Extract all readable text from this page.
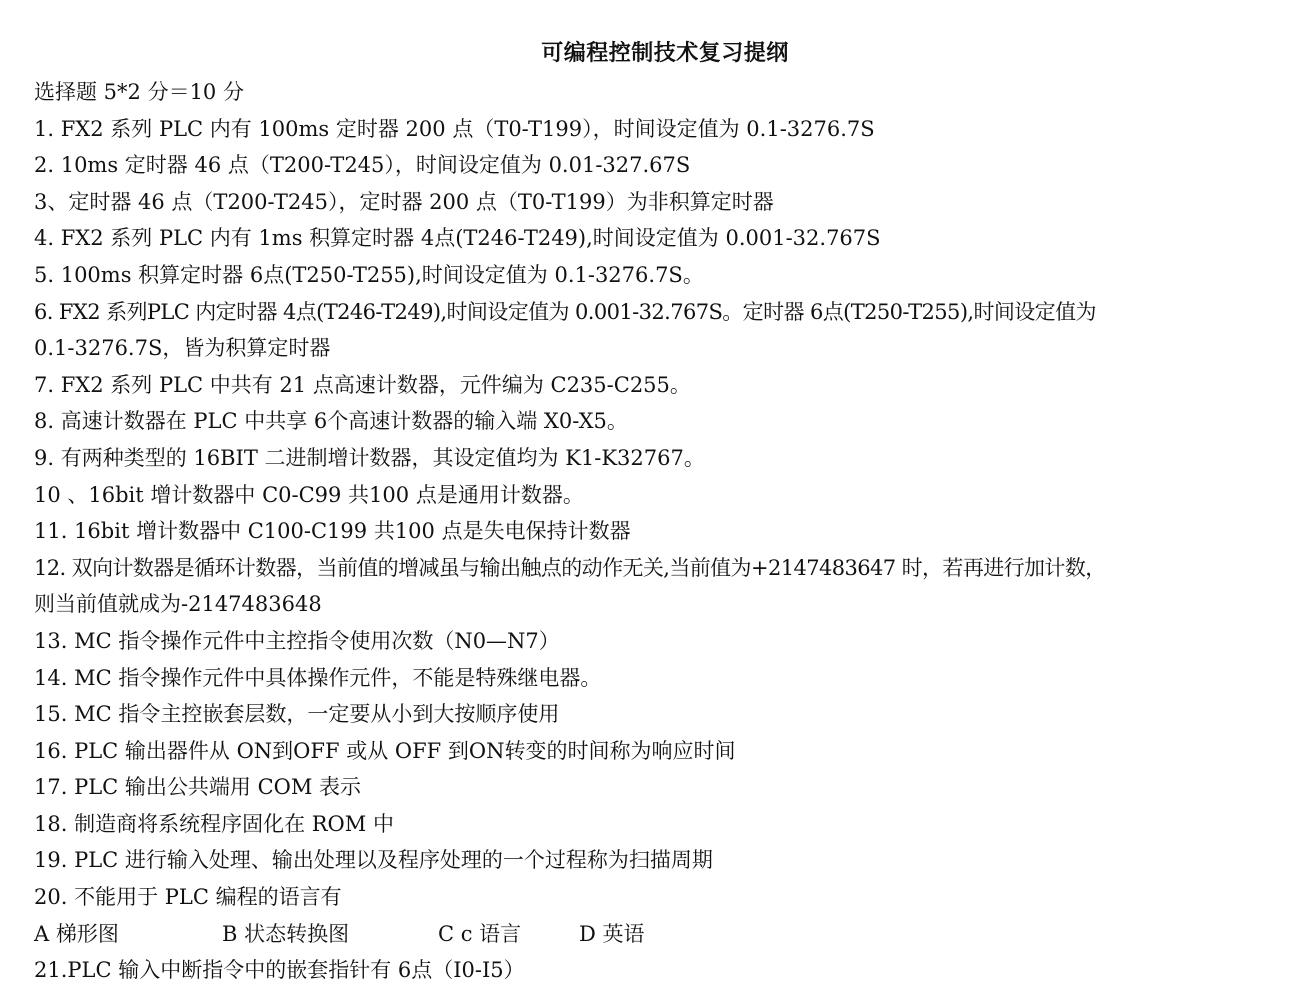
可编程控制技术复习提纲
选择题 5*2 分＝10 分
1. FX2 系列 PLC 内有 100ms 定时器 200 点（T0-T199），时间设定值为 0.1-3276.7S
2. 10ms 定时器 46 点（T200-T245），时间设定值为 0.01-327.67S
3、定时器 46 点（T200-T245），定时器 200 点（T0-T199）为非积算定时器
4. FX2 系列 PLC 内有 1ms 积算定时器 4点(T246-T249),时间设定值为 0.001-32.767S
5. 100ms 积算定时器 6点(T250-T255),时间设定值为 0.1-3276.7S。
6. FX2 系列PLC 内定时器 4点(T246-T249),时间设定值为 0.001-32.767S。定时器 6点(T250-T255),时间设定值为
0.1-3276.7S，皆为积算定时器
7. FX2 系列 PLC 中共有 21 点高速计数器，元件编为 C235-C255。
8. 高速计数器在 PLC 中共享 6个高速计数器的输入端 X0-X5。
9. 有两种类型的 16BIT 二进制增计数器，其设定值均为 K1-K32767。
10 、16bit 增计数器中 C0-C99 共100 点是通用计数器。
11. 16bit 增计数器中 C100-C199 共100 点是失电保持计数器
12. 双向计数器是循环计数器，当前值的增减虽与输出触点的动作无关,当前值为+2147483647 时，若再进行加计数，
则当前值就成为-2147483648
13. MC 指令操作元件中主控指令使用次数（N0—N7）
14. MC 指令操作元件中具体操作元件，不能是特殊继电器。
15. MC 指令主控嵌套层数，一定要从小到大按顺序使用
16. PLC 输出器件从 ON到OFF 或从 OFF 到ON转变的时间称为响应时间
17. PLC 输出公共端用 COM 表示
18. 制造商将系统程序固化在 ROM 中
19. PLC 进行输入处理、输出处理以及程序处理的一个过程称为扫描周期
20. 不能用于 PLC 编程的语言有
A 梯形图	B 状态转换图	C c 语言	D 英语
21.PLC 输入中断指令中的嵌套指针有 6点（I0-I5）
